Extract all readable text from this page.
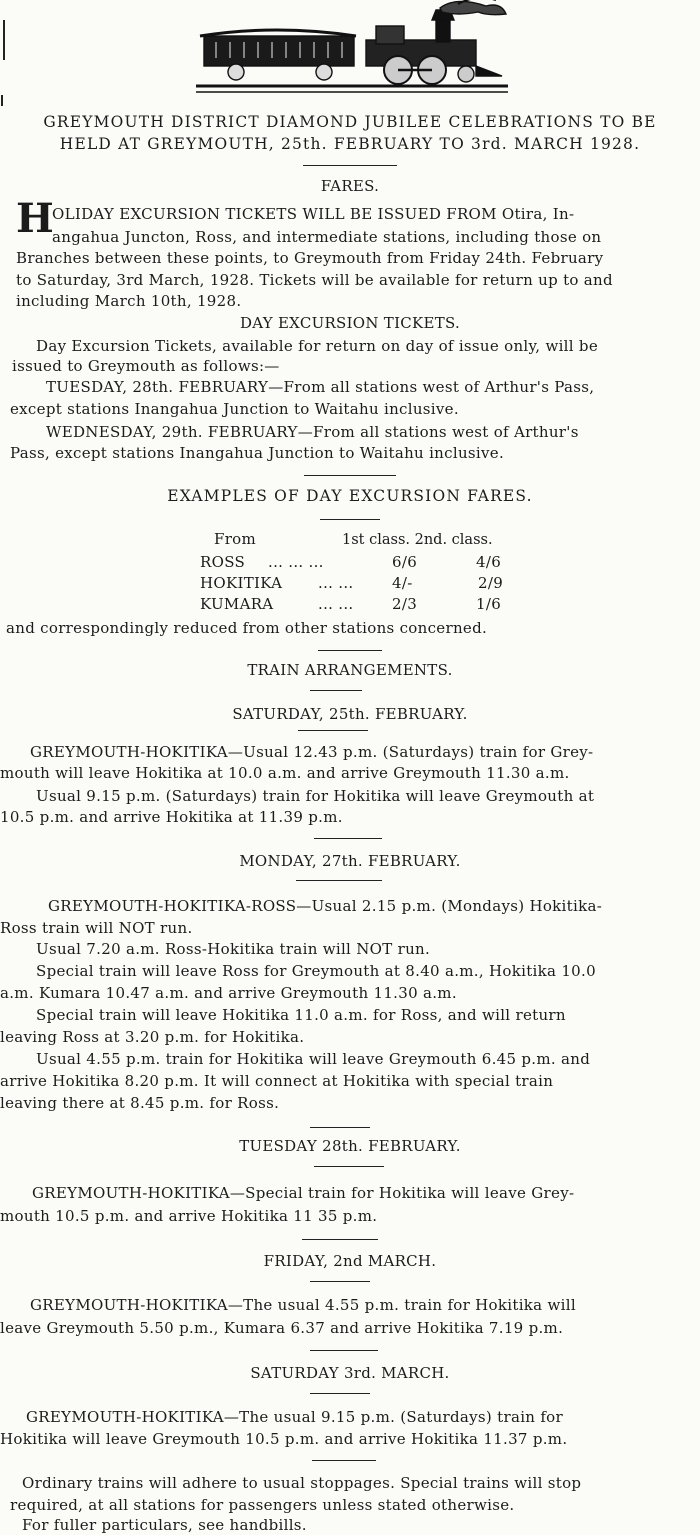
GREYMOUTH DISTRICT DIAMOND JUBILEE CELEBRATIONS TO BE
HELD AT GREYMOUTH, 25th. FEBRUARY TO 3rd. MARCH 1928.
FARES.
H
OLIDAY EXCURSION TICKETS WILL BE ISSUED FROM Otira, In-
angahua Juncton, Ross, and intermediate stations, including those on
Branches between these points, to Greymouth from Friday 24th. February
to Saturday, 3rd March, 1928. Tickets will be available for return up to and
including March 10th, 1928.
DAY EXCURSION TICKETS.
Day Excursion Tickets, available for return on day of issue only, will be
issued to Greymouth as follows:—
TUESDAY, 28th. FEBRUARY—From all stations west of Arthur's Pass,
except stations Inangahua Junction to Waitahu inclusive.
WEDNESDAY, 29th. FEBRUARY—From all stations west of Arthur's
Pass, except stations Inangahua Junction to Waitahu inclusive.
EXAMPLES OF DAY EXCURSION FARES.
From	1st class. 2nd. class.
ROSS ... ... ...	6/6	4/6
HOKITIKA ... ...	4/-	2/9
KUMARA	... ...	2/3	1/6
and correspondingly reduced from other stations concerned.
TRAIN ARRANGEMENTS.
SATURDAY, 25th. FEBRUARY.
GREYMOUTH-HOKITIKA—Usual 12.43 p.m. (Saturdays) train for Grey-
mouth will leave Hokitika at 10.0 a.m. and arrive Greymouth 11.30 a.m.
Usual 9.15 p.m. (Saturdays) train for Hokitika will leave Greymouth at
10.5 p.m. and arrive Hokitika at 11.39 p.m.
MONDAY, 27th. FEBRUARY.
GREYMOUTH-HOKITIKA-ROSS—Usual 2.15 p.m. (Mondays) Hokitika-
Ross train will NOT run.
Usual 7.20 a.m. Ross-Hokitika train will NOT run.
Special train will leave Ross for Greymouth at 8.40 a.m., Hokitika 10.0
a.m. Kumara 10.47 a.m. and arrive Greymouth 11.30 a.m.
Special train will leave Hokitika 11.0 a.m. for Ross, and will return
leaving Ross at 3.20 p.m. for Hokitika.
Usual 4.55 p.m. train for Hokitika will leave Greymouth 6.45 p.m. and
arrive Hokitika 8.20 p.m. It will connect at Hokitika with special train
leaving there at 8.45 p.m. for Ross.
TUESDAY 28th. FEBRUARY.
GREYMOUTH-HOKITIKA—Special train for Hokitika will leave Grey-
mouth 10.5 p.m. and arrive Hokitika 11 35 p.m.
FRIDAY, 2nd MARCH.
GREYMOUTH-HOKITIKA—The usual 4.55 p.m. train for Hokitika will
leave Greymouth 5.50 p.m., Kumara 6.37 and arrive Hokitika 7.19 p.m.
SATURDAY 3rd. MARCH.
GREYMOUTH-HOKITIKA—The usual 9.15 p.m. (Saturdays) train for
Hokitika will leave Greymouth 10.5 p.m. and arrive Hokitika 11.37 p.m.
Ordinary trains will adhere to usual stoppages. Special trains will stop
required, at all stations for passengers unless stated otherwise.
For fuller particulars, see handbills.
